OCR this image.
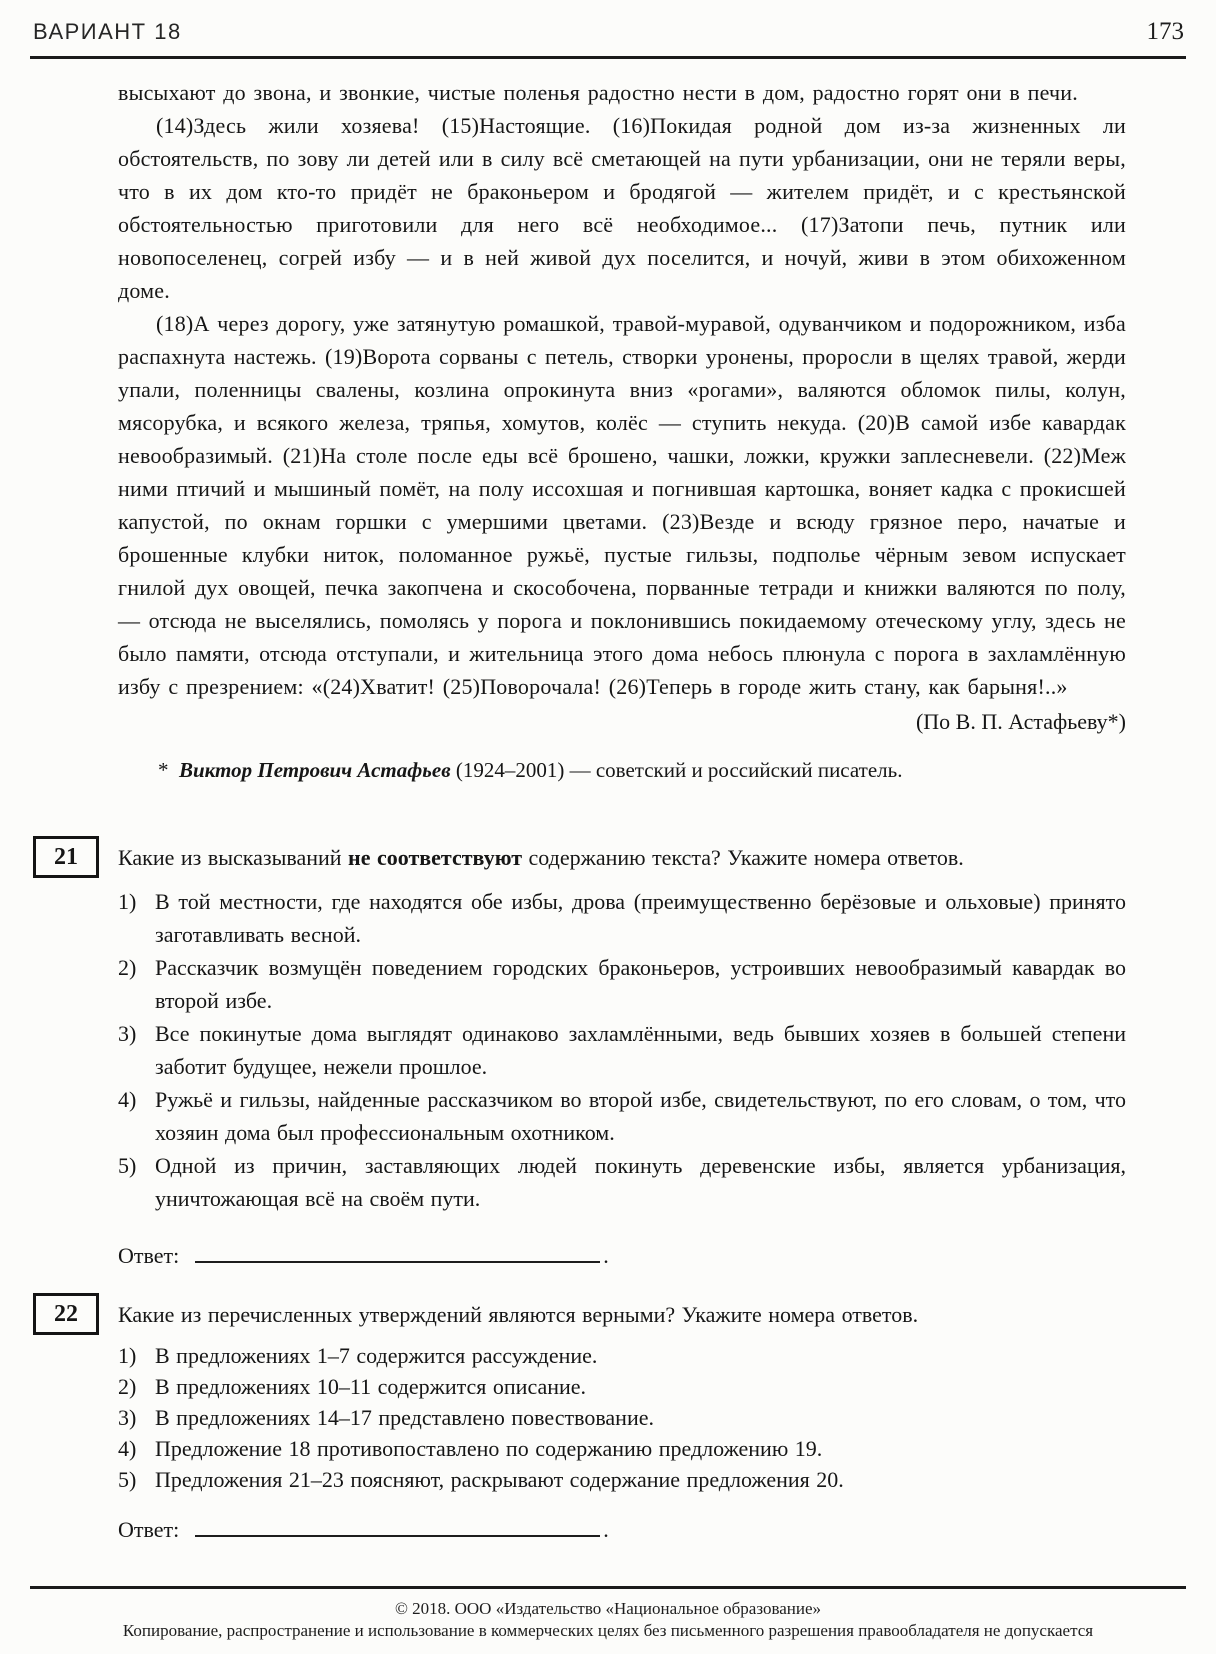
ВАРИАНТ 18	173

высыхают до звона, и звонкие, чистые поленья радостно нести в дом, радостно горят они в печи.

(14)Здесь жили хозяева! (15)Настоящие. (16)Покидая родной дом из-за жизненных ли обстоятельств, по зову ли детей или в силу всё сметающей на пути урбанизации, они не теряли веры, что в их дом кто-то придёт не браконьером и бродягой — жителем придёт, и с крестьянской обстоятельностью приготовили для него всё необходимое... (17)Затопи печь, путник или новопоселенец, согрей избу — и в ней живой дух поселится, и ночуй, живи в этом обихоженном доме.

(18)А через дорогу, уже затянутую ромашкой, травой-муравой, одуванчиком и подорожником, изба распахнута настежь. (19)Ворота сорваны с петель, створки уронены, проросли в щелях травой, жерди упали, поленницы свалены, козлина опрокинута вниз «рогами», валяются обломок пилы, колун, мясорубка, и всякого железа, тряпья, хомутов, колёс — ступить некуда. (20)В самой избе кавардак невообразимый. (21)На столе после еды всё брошено, чашки, ложки, кружки заплесневели. (22)Меж ними птичий и мышиный помёт, на полу иссохшая и погнившая картошка, воняет кадка с прокисшей капустой, по окнам горшки с умершими цветами. (23)Везде и всюду грязное перо, начатые и брошенные клубки ниток, поломанное ружьё, пустые гильзы, подполье чёрным зевом испускает гнилой дух овощей, печка закопчена и скособочена, порванные тетради и книжки валяются по полу, — отсюда не выселялись, помолясь у порога и поклонившись покидаемому отеческому углу, здесь не было памяти, отсюда отступали, и жительница этого дома небось плюнула с порога в захламлённую избу с презрением: «(24)Хватит! (25)Поворочала! (26)Теперь в городе жить стану, как барыня!..»

(По В. П. Астафьеву*)

* Виктор Петрович Астафьев (1924–2001) — советский и российский писатель.

21 Какие из высказываний не соответствуют содержанию текста? Укажите номера ответов.

1) В той местности, где находятся обе избы, дрова (преимущественно берёзовые и ольховые) принято заготавливать весной.
2) Рассказчик возмущён поведением городских браконьеров, устроивших невообразимый кавардак во второй избе.
3) Все покинутые дома выглядят одинаково захламлёнными, ведь бывших хозяев в большей степени заботит будущее, нежели прошлое.
4) Ружьё и гильзы, найденные рассказчиком во второй избе, свидетельствуют, по его словам, о том, что хозяин дома был профессиональным охотником.
5) Одной из причин, заставляющих людей покинуть деревенские избы, является урбанизация, уничтожающая всё на своём пути.
Ответ:	.
22 Какие из перечисленных утверждений являются верными? Укажите номера ответов.

1) В предложениях 1–7 содержится рассуждение.
2) В предложениях 10–11 содержится описание.
3) В предложениях 14–17 представлено повествование.
4) Предложение 18 противопоставлено по содержанию предложению 19.
5) Предложения 21–23 поясняют, раскрывают содержание предложения 20.
Ответ:	.

© 2018. ООО «Издательство «Национальное образование»

Копирование, распространение и использование в коммерческих целях без письменного разрешения правообладателя не допускается
